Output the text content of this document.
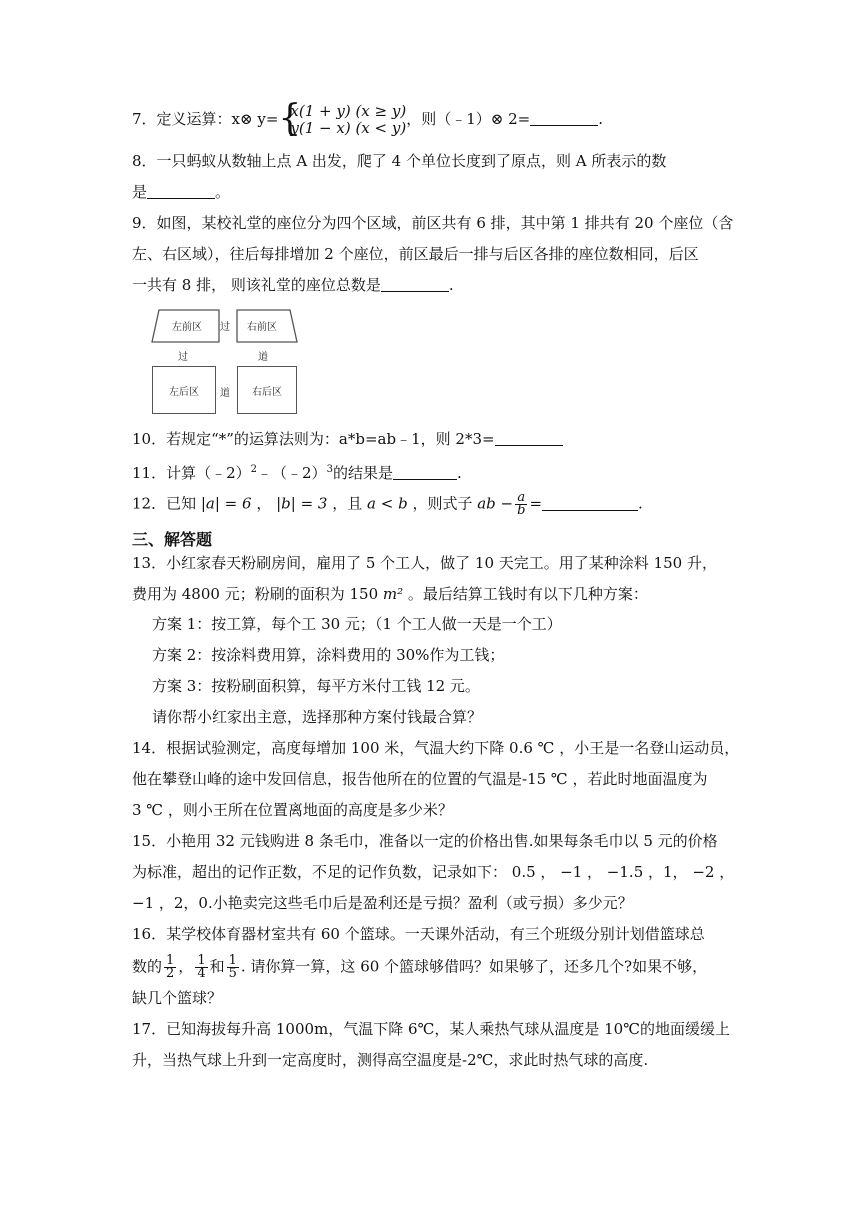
7．定义运算：x⊗ y= {
x(1 + y) (x ≥ y)
y(1 − x) (x < y) ，则（﹣1）⊗ 2=	.
8．一只蚂蚁从数轴上点 A 出发，爬了 4 个单位长度到了原点，则 A 所表示的数
是	。
9．如图，某校礼堂的座位分为四个区域，前区共有 6 排，其中第 1 排共有 20 个座位（含
左、右区域），往后每排增加 2 个座位，前区最后一排与后区各排的座位数相同，后区
一共有 8 排， 则该礼堂的座位总数是	.
左前区 过 右前区
过	道
左后区 道 右后区
10．若规定“*”的运算法则为：a*b=ab﹣1，则 2*3=
11．计算（﹣2）$^2$﹣（﹣2）$^3$的结果是	.
12．已知 |a| = 6 ， |b| = 3 ，且 a < b ，则式子 ab − $\frac{a}{b}$ =	.
三、解答题
13．小红家春天粉刷房间，雇用了 5 个工人，做了 10 天完工。用了某种涂料 150 升，
费用为 4800 元；粉刷的面积为 150 m² 。最后结算工钱时有以下几种方案：
方案 1：按工算，每个工 30 元；（1 个工人做一天是一个工）
方案 2：按涂料费用算，涂料费用的 30%作为工钱；
方案 3：按粉刷面积算，每平方米付工钱 12 元。
请你帮小红家出主意，选择那种方案付钱最合算？
14．根据试验测定，高度每增加 100 米，气温大约下降 0.6 ℃ ，小王是一名登山运动员，
他在攀登山峰的途中发回信息，报告他所在的位置的气温是-15 ℃ ，若此时地面温度为
3 ℃ ，则小王所在位置离地面的高度是多少米？
15．小艳用 32 元钱购进 8 条毛巾，准备以一定的价格出售.如果每条毛巾以 5 元的价格
为标准，超出的记作正数，不足的记作负数，记录如下： 0.5 ， −1 ， −1.5 ，1， −2 ，
−1 ，2，0.小艳卖完这些毛巾后是盈利还是亏损？盈利（或亏损）多少元？
16．某学校体育器材室共有 60 个篮球。一天课外活动，有三个班级分别计划借篮球总
数的 $\frac{1}{2}$ ， $\frac{1}{4}$ 和 $\frac{1}{5}$ . 请你算一算，这 60 个篮球够借吗？如果够了，还多几个?如果不够，
缺几个篮球？
17．已知海拔每升高 1000m，气温下降 6℃，某人乘热气球从温度是 10℃的地面缓缓上
升，当热气球上升到一定高度时，测得高空温度是-2℃，求此时热气球的高度.
